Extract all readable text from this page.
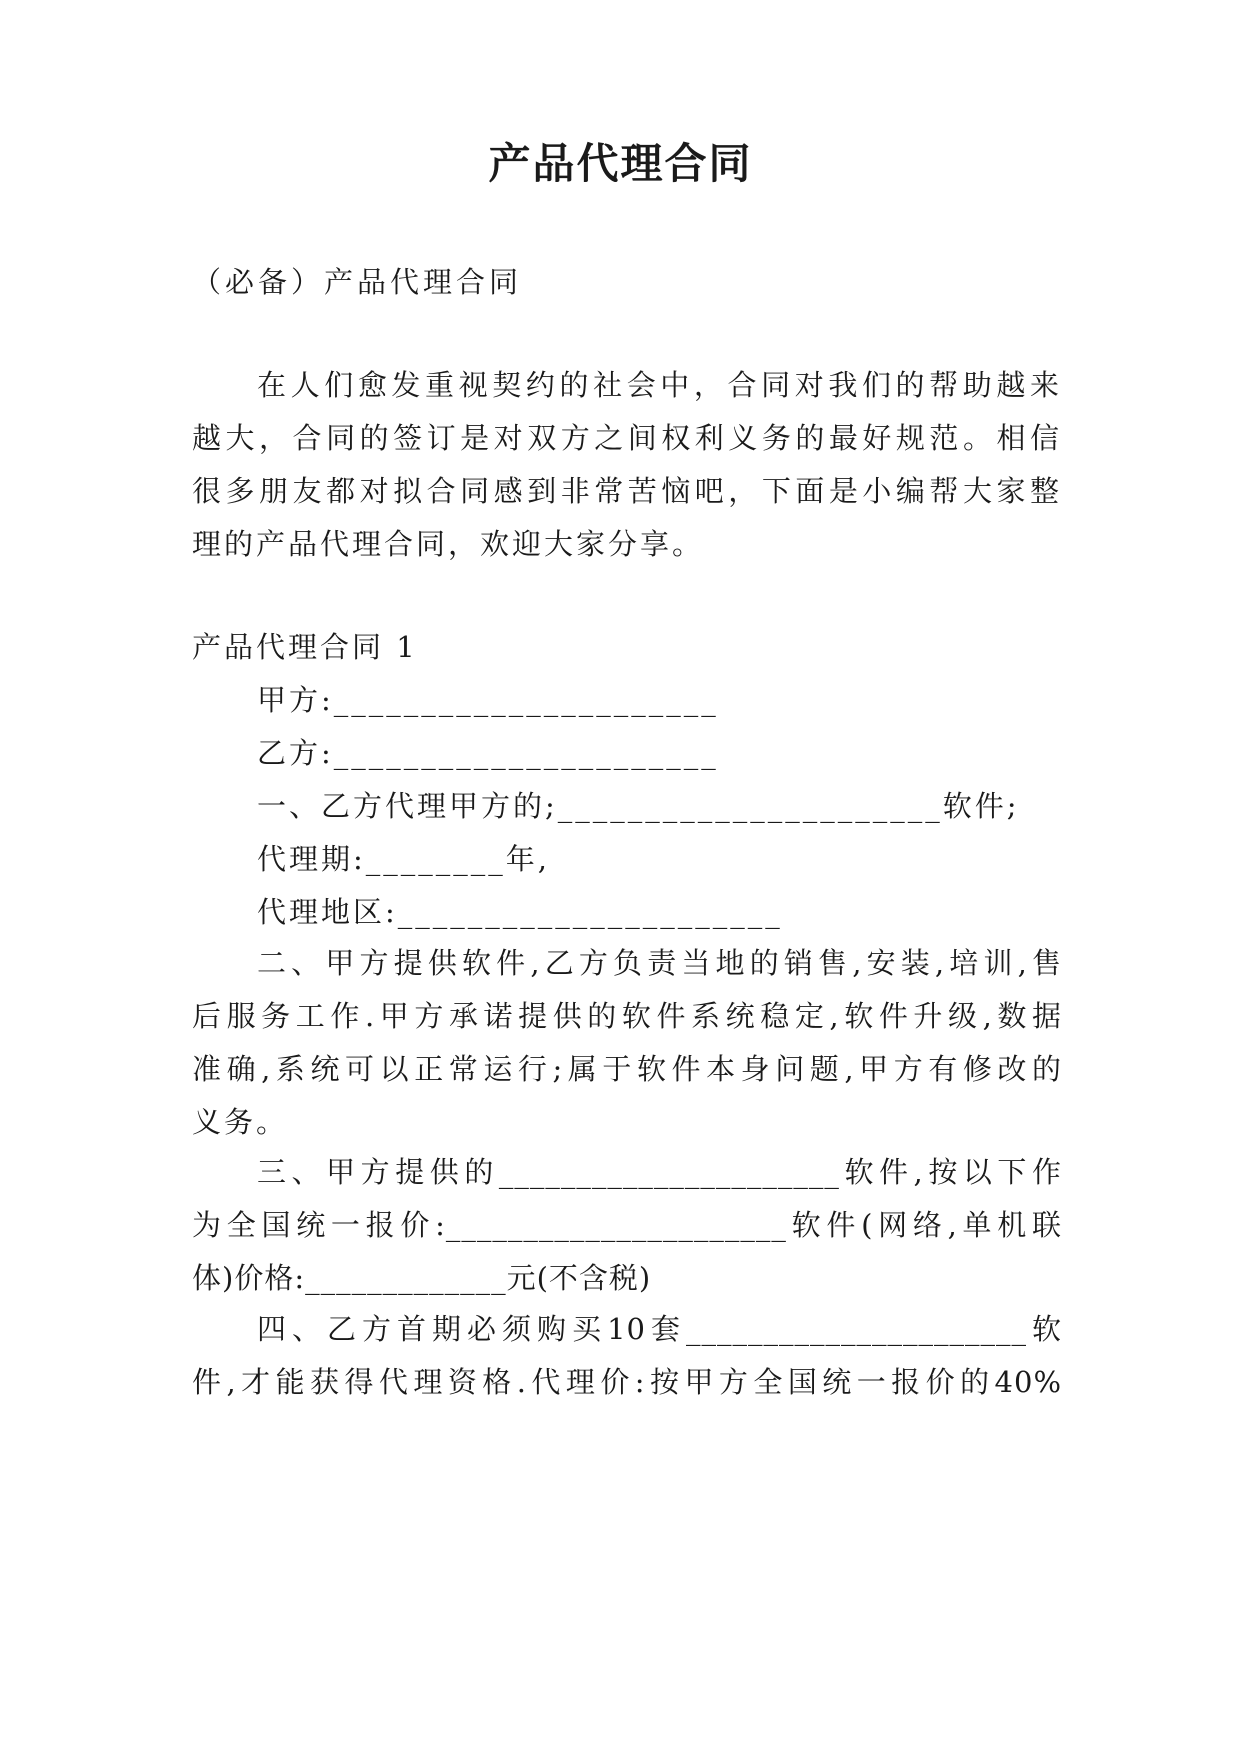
产品代理合同
（必备）产品代理合同
在人们愈发重视契约的社会中，合同对我们的帮助越来
越大，合同的签订是对双方之间权利义务的最好规范。相信
很多朋友都对拟合同感到非常苦恼吧，下面是小编帮大家整
理的产品代理合同，欢迎大家分享。
产品代理合同 1
甲方:______________________
乙方:______________________
一、乙方代理甲方的;______________________软件;
代理期:________年,
代理地区:______________________
二、甲方提供软件,乙方负责当地的销售,安装,培训,售
后服务工作.甲方承诺提供的软件系统稳定,软件升级,数据
准确,系统可以正常运行;属于软件本身问题,甲方有修改的
义务。
三、甲方提供的______________________软件,按以下作
为全国统一报价:______________________软件(网络,单机联
体)价格:_____________元(不含税)
四、乙方首期必须购买10套______________________软
件,才能获得代理资格.代理价:按甲方全国统一报价的40%
